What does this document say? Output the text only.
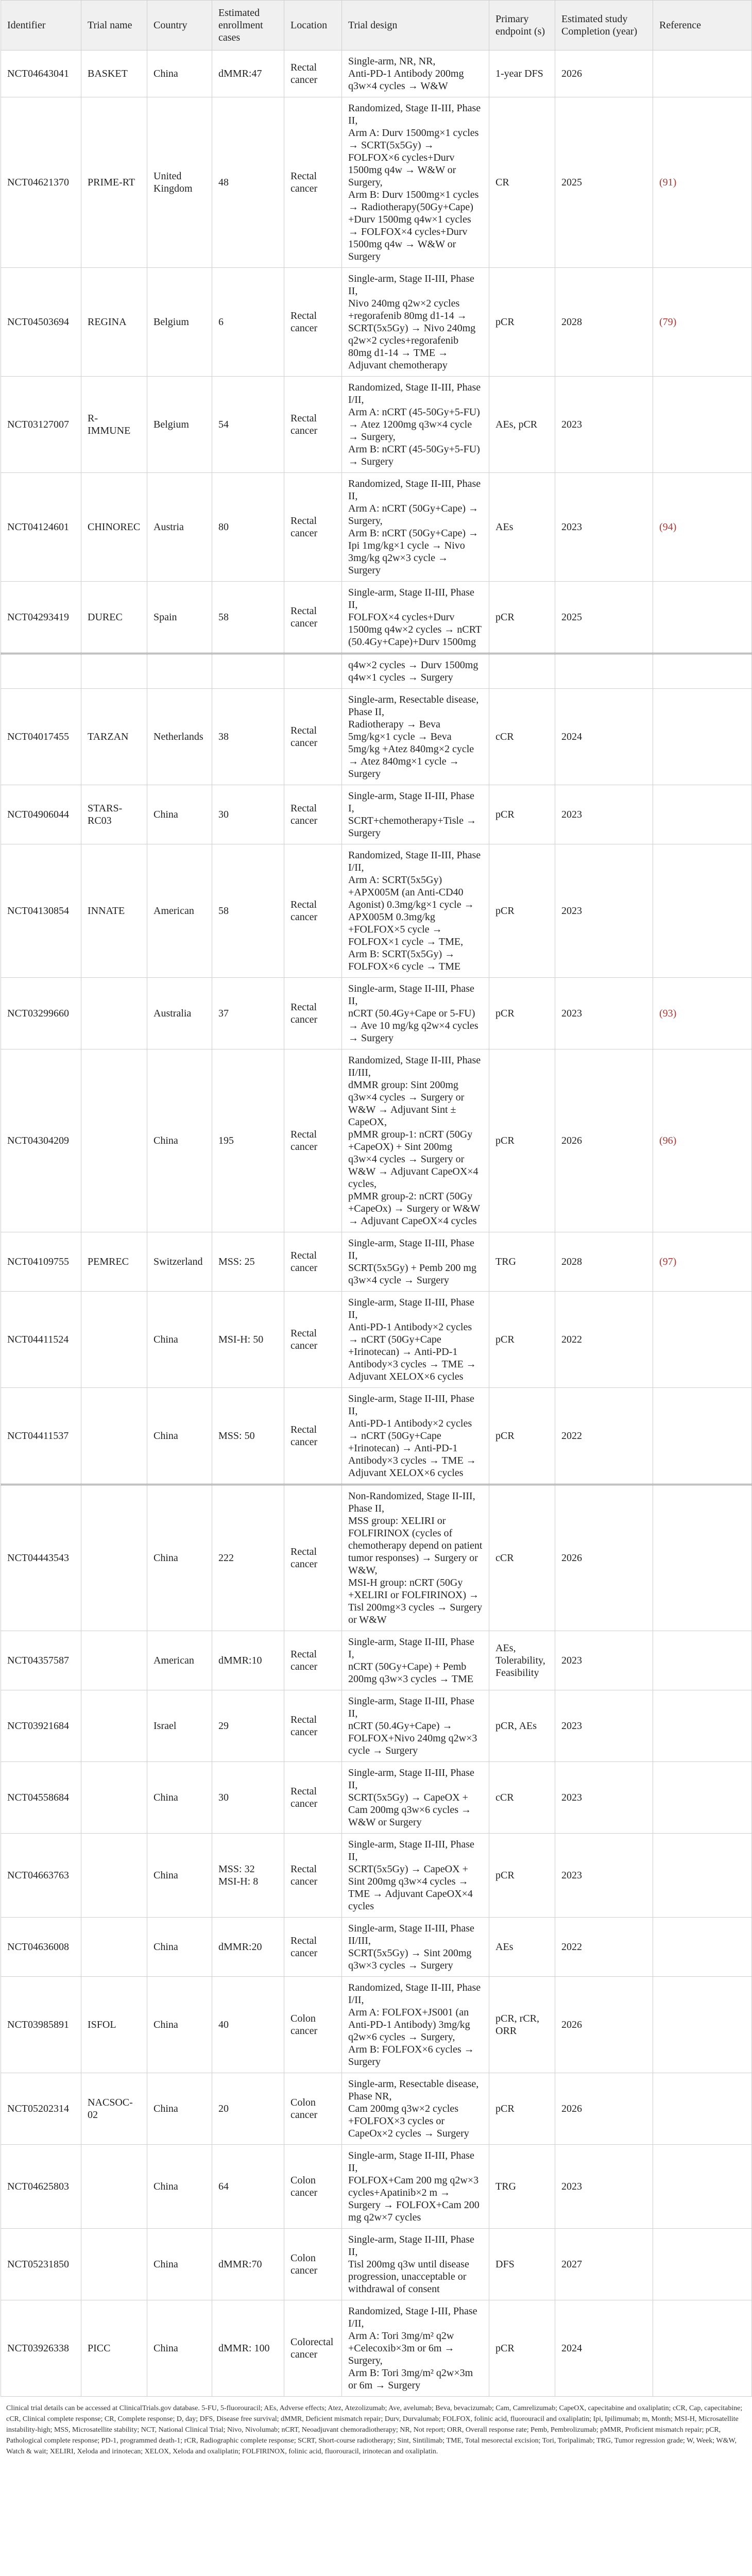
Identifier	Trial name	Country	Estimated enrollment cases	Location	Trial design	Primary endpoint (s)	Estimated study Completion (year)	Reference
NCT04643041	BASKET	China	dMMR:47	Rectal cancer	Single-arm, NR, NR,
Anti-PD-1 Antibody 200mg q3w×4 cycles → W&W	1-year DFS	2026	
NCT04621370	PRIME-RT	United Kingdom	48	Rectal cancer	Randomized, Stage II-III, Phase II,
Arm A: Durv 1500mg×1 cycles → SCRT(5x5Gy) → FOLFOX×6 cycles+Durv 1500mg q4w → W&W or Surgery,
Arm B: Durv 1500mg×1 cycles → Radiotherapy(50Gy+Cape) +Durv 1500mg q4w×1 cycles → FOLFOX×4 cycles+Durv 1500mg q4w → W&W or Surgery	CR	2025	(91)
NCT04503694	REGINA	Belgium	6	Rectal cancer	Single-arm, Stage II-III, Phase II,
Nivo 240mg q2w×2 cycles +regorafenib 80mg d1-14 → SCRT(5x5Gy) → Nivo 240mg q2w×2 cycles+regorafenib 80mg d1-14 → TME → Adjuvant chemotherapy	pCR	2028	(79)
NCT03127007	R-IMMUNE	Belgium	54	Rectal cancer	Randomized, Stage II-III, Phase I/II,
Arm A: nCRT (45-50Gy+5-FU) → Atez 1200mg q3w×4 cycle → Surgery,
Arm B: nCRT (45-50Gy+5-FU) → Surgery	AEs, pCR	2023	
NCT04124601	CHINOREC	Austria	80	Rectal cancer	Randomized, Stage II-III, Phase II,
Arm A: nCRT (50Gy+Cape) → Surgery,
Arm B: nCRT (50Gy+Cape) → Ipi 1mg/kg×1 cycle → Nivo 3mg/kg q2w×3 cycle → Surgery	AEs	2023	(94)
NCT04293419	DUREC	Spain	58	Rectal cancer	Single-arm, Stage II-III, Phase II,
FOLFOX×4 cycles+Durv 1500mg q4w×2 cycles → nCRT (50.4Gy+Cape)+Durv 1500mg	pCR	2025	

					q4w×2 cycles → Durv 1500mg q4w×1 cycles → Surgery			

NCT04017455	TARZAN	Netherlands	38	Rectal cancer	Single-arm, Resectable disease, Phase II,
Radiotherapy → Beva 5mg/kg×1 cycle → Beva 5mg/kg +Atez 840mg×2 cycle → Atez 840mg×1 cycle → Surgery	cCR	2024	
NCT04906044	STARS-RC03	China	30	Rectal cancer	Single-arm, Stage II-III, Phase I,
SCRT+chemotherapy+Tisle → Surgery	pCR	2023	
NCT04130854	INNATE	American	58	Rectal cancer	Randomized, Stage II-III, Phase I/II,
Arm A: SCRT(5x5Gy) +APX005M (an Anti-CD40 Agonist) 0.3mg/kg×1 cycle → APX005M 0.3mg/kg +FOLFOX×5 cycle → FOLFOX×1 cycle → TME,
Arm B: SCRT(5x5Gy) → FOLFOX×6 cycle → TME	pCR	2023	
NCT03299660		Australia	37	Rectal cancer	Single-arm, Stage II-III, Phase II,
nCRT (50.4Gy+Cape or 5-FU) → Ave 10 mg/kg q2w×4 cycles → Surgery	pCR	2023	(93)
NCT04304209		China	195	Rectal cancer	Randomized, Stage II-III, Phase II/III,
dMMR group: Sint 200mg q3w×4 cycles → Surgery or W&W → Adjuvant Sint ± CapeOX,
pMMR group-1: nCRT (50Gy +CapeOX) + Sint 200mg q3w×4 cycles → Surgery or W&W → Adjuvant CapeOX×4 cycles,
pMMR group-2: nCRT (50Gy +CapeOx) → Surgery or W&W → Adjuvant CapeOX×4 cycles	pCR	2026	(96)
NCT04109755	PEMREC	Switzerland	MSS: 25	Rectal cancer	Single-arm, Stage II-III, Phase II,
SCRT(5x5Gy) + Pemb 200 mg q3w×4 cycle → Surgery	TRG	2028	(97)
NCT04411524		China	MSI-H: 50	Rectal cancer	Single-arm, Stage II-III, Phase II,
Anti-PD-1 Antibody×2 cycles → nCRT (50Gy+Cape +Irinotecan) → Anti-PD-1 Antibody×3 cycles → TME → Adjuvant XELOX×6 cycles	pCR	2022	
NCT04411537		China	MSS: 50	Rectal cancer	Single-arm, Stage II-III, Phase II,
Anti-PD-1 Antibody×2 cycles → nCRT (50Gy+Cape +Irinotecan) → Anti-PD-1 Antibody×3 cycles → TME → Adjuvant XELOX×6 cycles	pCR	2022	
NCT04443543		China	222	Rectal cancer	Non-Randomized, Stage II-III, Phase II,
MSS group: XELIRI or FOLFIRINOX (cycles of chemotherapy depend on patient tumor responses) → Surgery or W&W,
MSI-H group: nCRT (50Gy +XELIRI or FOLFIRINOX) → Tisl 200mg×3 cycles → Surgery or W&W	cCR	2026	
NCT04357587		American	dMMR:10	Rectal cancer	Single-arm, Stage II-III, Phase I,
nCRT (50Gy+Cape) + Pemb 200mg q3w×3 cycles → TME	AEs, Tolerability, Feasibility	2023	
NCT03921684		Israel	29	Rectal cancer	Single-arm, Stage II-III, Phase II,
nCRT (50.4Gy+Cape) → FOLFOX+Nivo 240mg q2w×3 cycle → Surgery	pCR, AEs	2023	
NCT04558684		China	30	Rectal cancer	Single-arm, Stage II-III, Phase II,
SCRT(5x5Gy) → CapeOX + Cam 200mg q3w×6 cycles → W&W or Surgery	cCR	2023	
NCT04663763		China	MSS: 32
MSI-H: 8	Rectal cancer	Single-arm, Stage II-III, Phase II,
SCRT(5x5Gy) → CapeOX + Sint 200mg q3w×4 cycles → TME → Adjuvant CapeOX×4 cycles	pCR	2023	
NCT04636008		China	dMMR:20	Rectal cancer	Single-arm, Stage II-III, Phase II/III,
SCRT(5x5Gy) → Sint 200mg q3w×3 cycles → Surgery	AEs	2022	
NCT03985891	ISFOL	China	40	Colon cancer	Randomized, Stage II-III, Phase I/II,
Arm A: FOLFOX+JS001 (an Anti-PD-1 Antibody) 3mg/kg q2w×6 cycles → Surgery,
Arm B: FOLFOX×6 cycles → Surgery	pCR, rCR, ORR	2026	
NCT05202314	NACSOC-02	China	20	Colon cancer	Single-arm, Resectable disease, Phase NR,
Cam 200mg q3w×2 cycles +FOLFOX×3 cycles or CapeOx×2 cycles → Surgery	pCR	2026	
NCT04625803		China	64	Colon cancer	Single-arm, Stage II-III, Phase II,
FOLFOX+Cam 200 mg q2w×3 cycles+Apatinib×2 m → Surgery → FOLFOX+Cam 200 mg q2w×7 cycles	TRG	2023	
NCT05231850		China	dMMR:70	Colon cancer	Single-arm, Stage II-III, Phase II,
Tisl 200mg q3w until disease progression, unacceptable or withdrawal of consent	DFS	2027	
NCT03926338	PICC	China	dMMR: 100	Colorectal cancer	Randomized, Stage I-III, Phase I/II,
Arm A: Tori 3mg/m² q2w +Celecoxib×3m or 6m → Surgery,
Arm B: Tori 3mg/m² q2w×3m or 6m → Surgery	pCR	2024	
Clinical trial details can be accessed at ClinicalTrials.gov database. 5-FU, 5-fluorouracil; AEs, Adverse effects; Atez, Atezolizumab; Ave, avelumab; Beva, bevacizumab; Cam, Camrelizumab; CapeOX, capecitabine and oxaliplatin; cCR, Cap, capecitabine; cCR, Clinical complete response; CR, Complete response; D, day; DFS, Disease free survival; dMMR, Deficient mismatch repair; Durv, Durvalumab; FOLFOX, folinic acid, fluorouracil and oxaliplatin; Ipi, Ipilimumab; m, Month; MSI-H, Microsatellite instability-high; MSS, Microsatellite stability; NCT, National Clinical Trial; Nivo, Nivolumab; nCRT, Neoadjuvant chemoradiotherapy; NR, Not report; ORR, Overall response rate; Pemb, Pembrolizumab; pMMR, Proficient mismatch repair; pCR, Pathological complete response; PD-1, programmed death-1; rCR, Radiographic complete response; SCRT, Short-course radiotherapy; Sint, Sintilimab; TME, Total mesorectal excision; Tori, Toripalimab; TRG, Tumor regression grade; W, Week; W&W, Watch & wait; XELIRI, Xeloda and irinotecan; XELOX, Xeloda and oxaliplatin; FOLFIRINOX, folinic acid, fluorouracil, irinotecan and oxaliplatin.
